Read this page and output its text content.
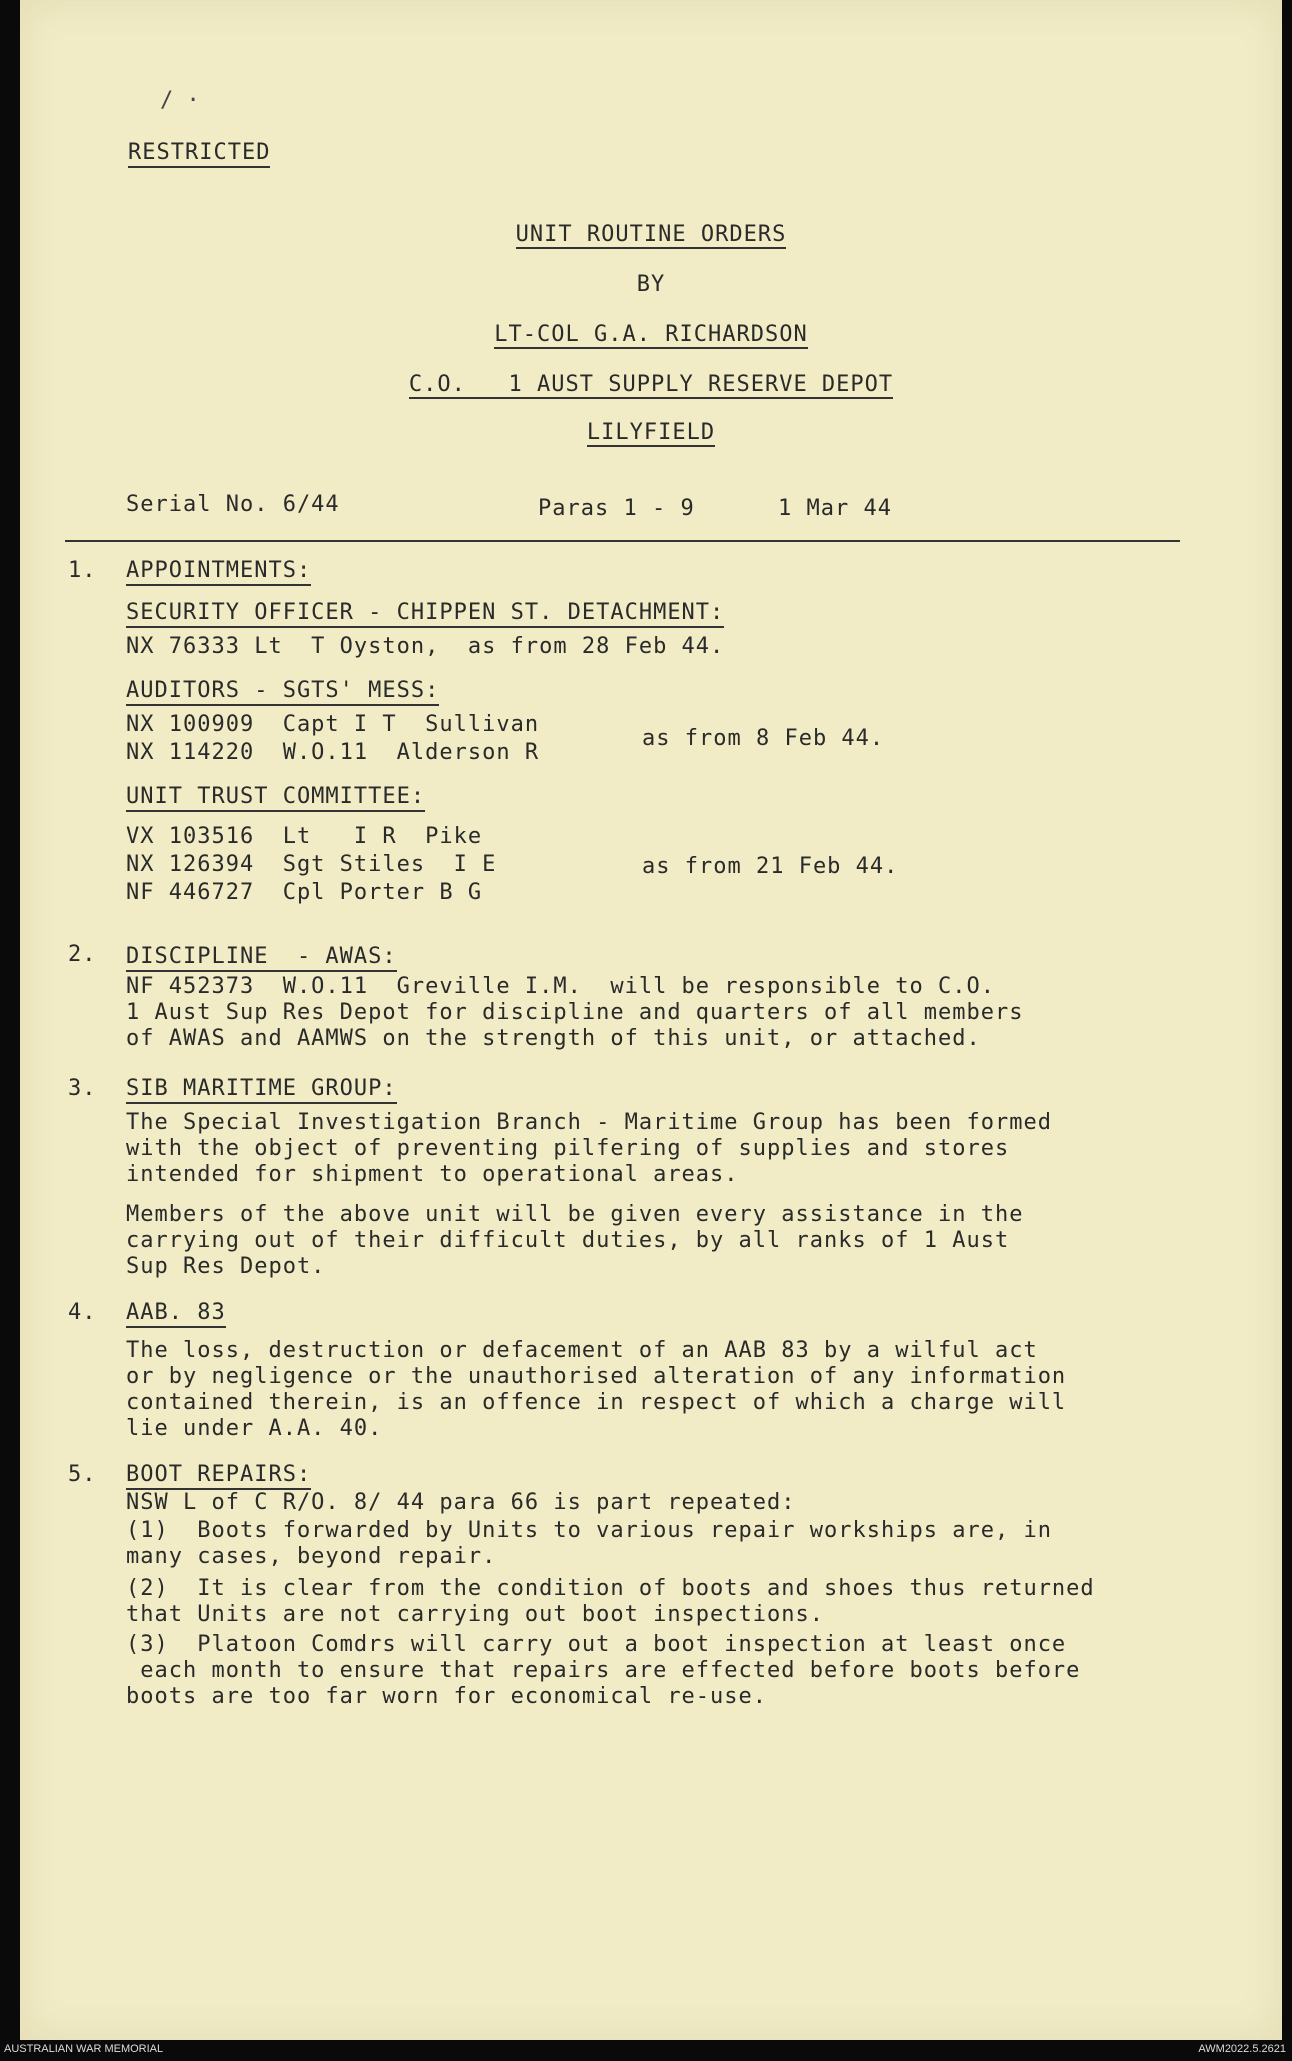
/ ·
RESTRICTED
UNIT ROUTINE ORDERS
BY
LT-COL G.A. RICHARDSON
C.O.   1 AUST SUPPLY RESERVE DEPOT
LILYFIELD
Serial No. 6/44	Paras 1 - 9	1 Mar 44
1. APPOINTMENTS:
SECURITY OFFICER - CHIPPEN ST. DETACHMENT:
NX 76333 Lt  T Oyston,  as from 28 Feb 44.
AUDITORS - SGTS' MESS:
NX 100909  Capt I T  Sullivan
NX 114220  W.O.11  Alderson R
as from 8 Feb 44.
UNIT TRUST COMMITTEE:
VX 103516  Lt   I R  Pike
NX 126394  Sgt Stiles  I E
NF 446727  Cpl Porter B G
as from 21 Feb 44.
2. DISCIPLINE  - AWAS:
NF 452373  W.O.11  Greville I.M.  will be responsible to C.O.
1 Aust Sup Res Depot for discipline and quarters of all members
of AWAS and AAMWS on the strength of this unit, or attached.
3. SIB MARITIME GROUP:
The Special Investigation Branch - Maritime Group has been formed
with the object of preventing pilfering of supplies and stores
intended for shipment to operational areas.
Members of the above unit will be given every assistance in the
carrying out of their difficult duties, by all ranks of 1 Aust
Sup Res Depot.
4. AAB. 83
The loss, destruction or defacement of an AAB 83 by a wilful act
or by negligence or the unauthorised alteration of any information
contained therein, is an offence in respect of which a charge will
lie under A.A. 40.
5. BOOT REPAIRS:
NSW L of C R/O. 8/ 44 para 66 is part repeated:
(1)  Boots forwarded by Units to various repair workships are, in
many cases, beyond repair.
(2)  It is clear from the condition of boots and shoes thus returned
that Units are not carrying out boot inspections.
(3)  Platoon Comdrs will carry out a boot inspection at least once
each month to ensure that repairs are effected before boots before
boots are too far worn for economical re-use.
AUSTRALIAN WAR MEMORIAL	AWM2022.5.2621
